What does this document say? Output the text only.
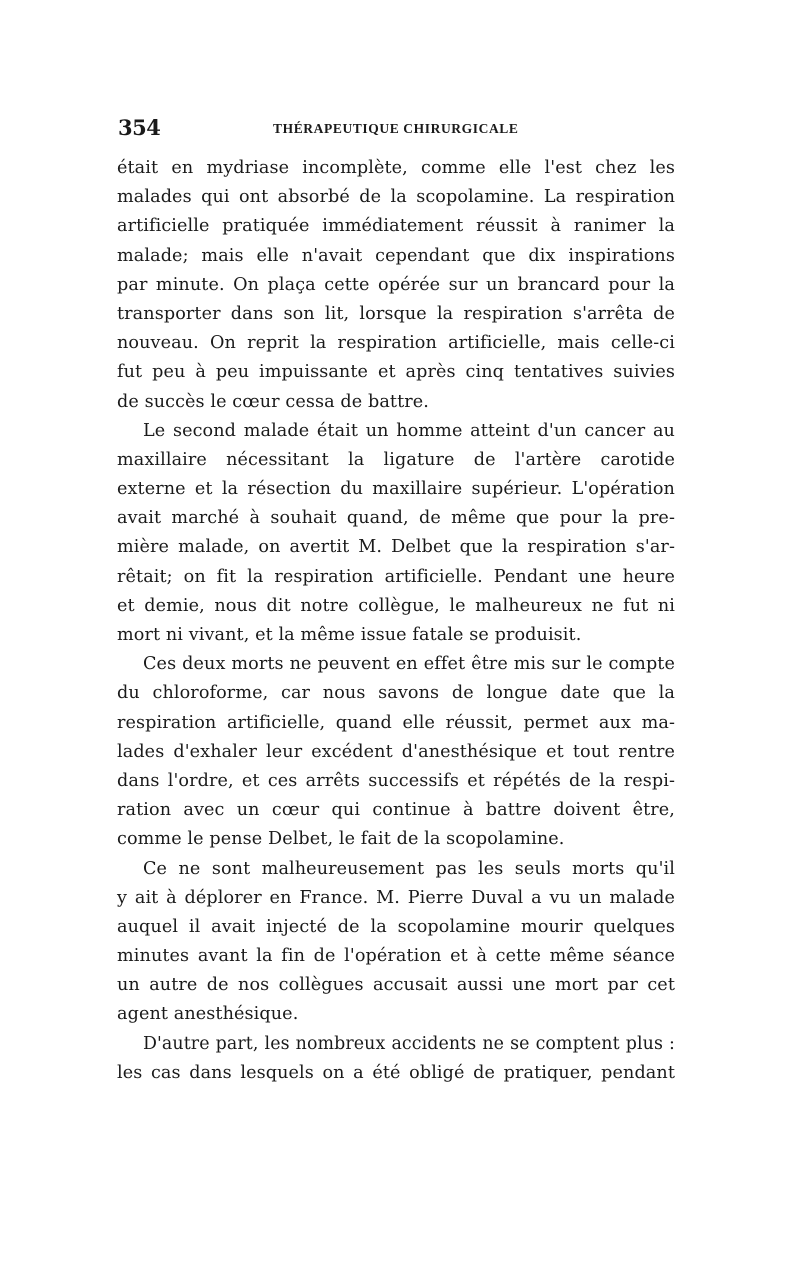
354	THÉRAPEUTIQUE CHIRURGICALE
était en mydriase incomplète, comme elle l'est chez les
malades qui ont absorbé de la scopolamine. La respiration
artificielle pratiquée immédiatement réussit à ranimer la
malade; mais elle n'avait cependant que dix inspirations
par minute. On plaça cette opérée sur un brancard pour la
transporter dans son lit, lorsque la respiration s'arrêta de
nouveau. On reprit la respiration artificielle, mais celle-ci
fut peu à peu impuissante et après cinq tentatives suivies
de succès le cœur cessa de battre.
Le second malade était un homme atteint d'un cancer au
maxillaire nécessitant la ligature de l'artère carotide
externe et la résection du maxillaire supérieur. L'opération
avait marché à souhait quand, de même que pour la pre-
mière malade, on avertit M. Delbet que la respiration s'ar-
rêtait; on fit la respiration artificielle. Pendant une heure
et demie, nous dit notre collègue, le malheureux ne fut ni
mort ni vivant, et la même issue fatale se produisit.
Ces deux morts ne peuvent en effet être mis sur le compte
du chloroforme, car nous savons de longue date que la
respiration artificielle, quand elle réussit, permet aux ma-
lades d'exhaler leur excédent d'anesthésique et tout rentre
dans l'ordre, et ces arrêts successifs et répétés de la respi-
ration avec un cœur qui continue à battre doivent être,
comme le pense Delbet, le fait de la scopolamine.
Ce ne sont malheureusement pas les seuls morts qu'il
y ait à déplorer en France. M. Pierre Duval a vu un malade
auquel il avait injecté de la scopolamine mourir quelques
minutes avant la fin de l'opération et à cette même séance
un autre de nos collègues accusait aussi une mort par cet
agent anesthésique.
D'autre part, les nombreux accidents ne se comptent plus :
les cas dans lesquels on a été obligé de pratiquer, pendant
